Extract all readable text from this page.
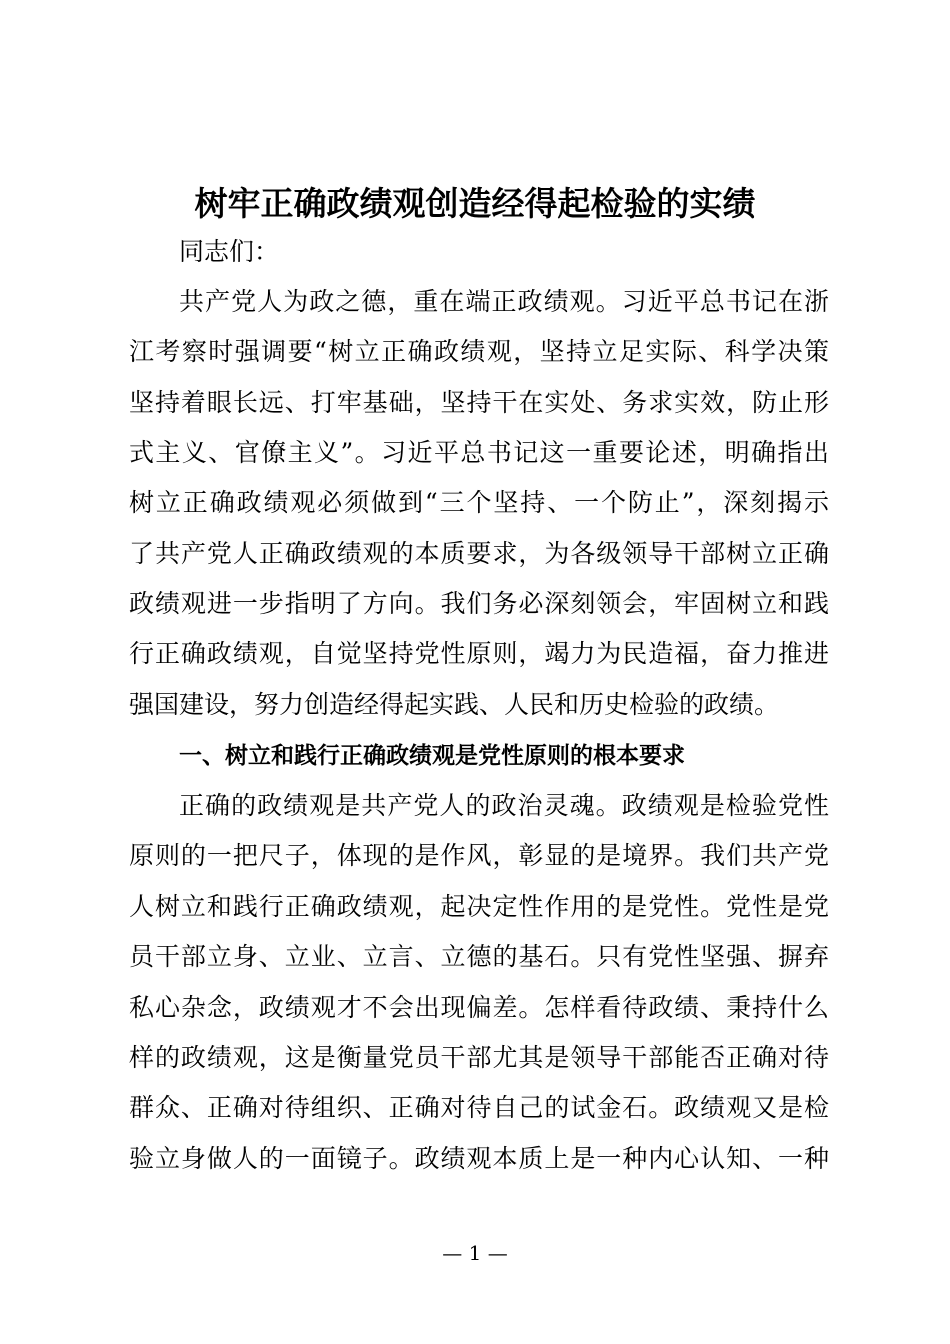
树牢正确政绩观创造经得起检验的实绩
同志们：
共产党人为政之德，重在端正政绩观。习近平总书记在浙
江考察时强调要“树立正确政绩观，坚持立足实际、科学决策
坚持着眼长远、打牢基础，坚持干在实处、务求实效，防止形
式主义、官僚主义”。习近平总书记这一重要论述，明确指出
树立正确政绩观必须做到“三个坚持、一个防止”，深刻揭示
了共产党人正确政绩观的本质要求，为各级领导干部树立正确
政绩观进一步指明了方向。我们务必深刻领会，牢固树立和践
行正确政绩观，自觉坚持党性原则，竭力为民造福，奋力推进
强国建设，努力创造经得起实践、人民和历史检验的政绩。
一、树立和践行正确政绩观是党性原则的根本要求
正确的政绩观是共产党人的政治灵魂。政绩观是检验党性
原则的一把尺子，体现的是作风，彰显的是境界。我们共产党
人树立和践行正确政绩观，起决定性作用的是党性。党性是党
员干部立身、立业、立言、立德的基石。只有党性坚强、摒弃
私心杂念，政绩观才不会出现偏差。怎样看待政绩、秉持什么
样的政绩观，这是衡量党员干部尤其是领导干部能否正确对待
群众、正确对待组织、正确对待自己的试金石。政绩观又是检
验立身做人的一面镜子。政绩观本质上是一种内心认知、一种
— 1 —
